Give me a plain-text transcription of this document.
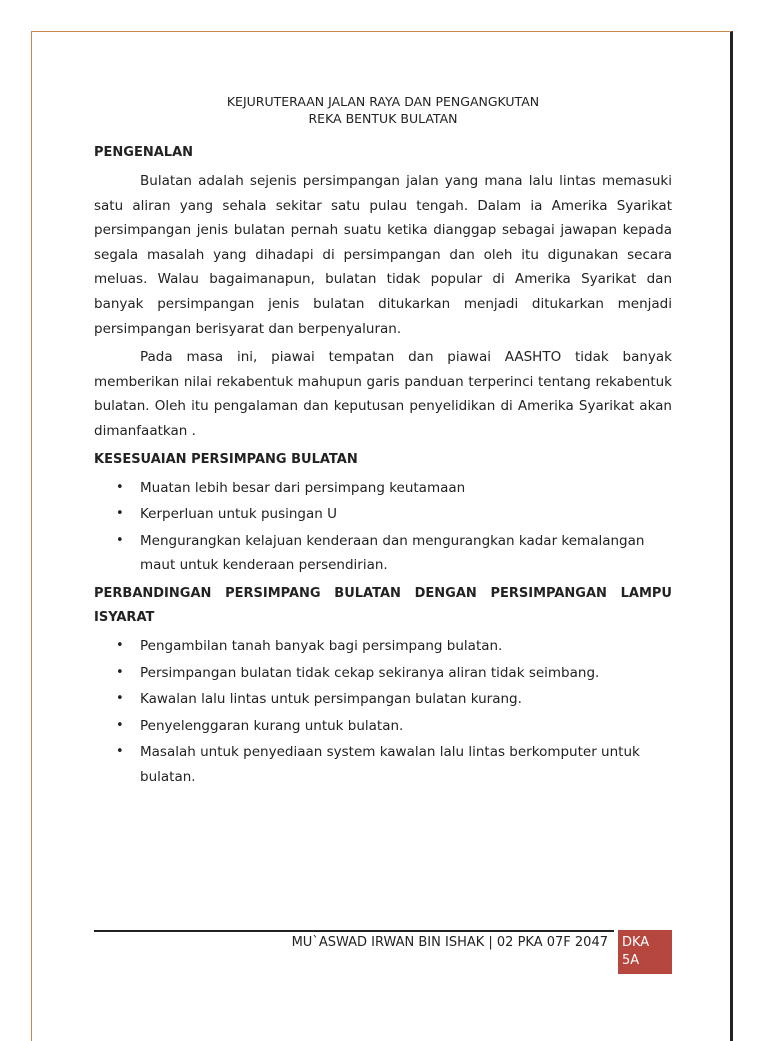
KEJURUTERAAN JALAN RAYA DAN PENGANGKUTAN
REKA BENTUK BULATAN
PENGENALAN

Bulatan adalah sejenis persimpangan jalan yang mana lalu lintas memasuki satu aliran yang sehala sekitar satu pulau tengah. Dalam ia Amerika Syarikat persimpangan jenis bulatan pernah suatu ketika dianggap sebagai jawapan kepada segala masalah yang dihadapi di persimpangan dan oleh itu digunakan secara meluas. Walau bagaimanapun, bulatan tidak popular di Amerika Syarikat dan banyak persimpangan jenis bulatan ditukarkan menjadi ditukarkan menjadi persimpangan berisyarat dan berpenyaluran.

Pada masa ini, piawai tempatan dan piawai AASHTO tidak banyak memberikan nilai rekabentuk mahupun garis panduan terperinci tentang rekabentuk bulatan. Oleh itu pengalaman dan keputusan penyelidikan di Amerika Syarikat akan dimanfaatkan .

KESESUAIAN PERSIMPANG BULATAN
• Muatan lebih besar dari persimpang keutamaan
• Kerperluan untuk pusingan U
• Mengurangkan kelajuan kenderaan dan mengurangkan kadar kemalangan maut untuk kenderaan persendirian.
PERBANDINGAN PERSIMPANG BULATAN DENGAN PERSIMPANGAN LAMPU ISYARAT
• Pengambilan tanah banyak bagi persimpang bulatan.
• Persimpangan bulatan tidak cekap sekiranya aliran tidak seimbang.
• Kawalan lalu lintas untuk persimpangan bulatan kurang.
• Penyelenggaran kurang untuk bulatan.
• Masalah untuk penyediaan system kawalan lalu lintas berkomputer untuk bulatan.
MU`ASWAD IRWAN BIN ISHAK | 02 PKA 07F 2047	DKA 5A
